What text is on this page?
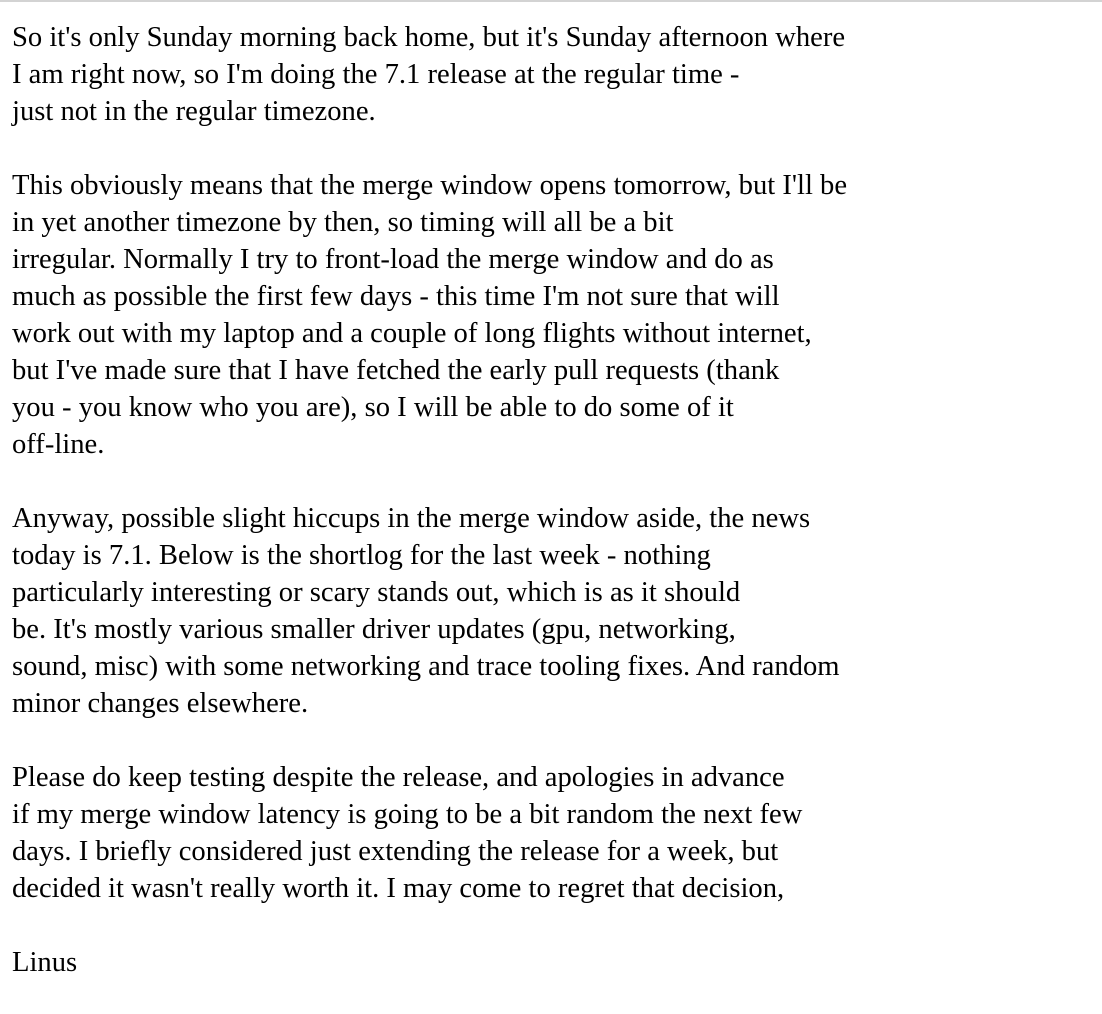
So it's only Sunday morning back home, but it's Sunday afternoon where
I am right now, so I'm doing the 7.1 release at the regular time -
just not in the regular timezone.

This obviously means that the merge window opens tomorrow, but I'll be
in yet another timezone by then, so timing will all be a bit
irregular. Normally I try to front-load the merge window and do as
much as possible the first few days - this time I'm not sure that will
work out with my laptop and a couple of long flights without internet,
but I've made sure that I have fetched the early pull requests (thank
you - you know who you are), so I will be able to do some of it
off-line.

Anyway, possible slight hiccups in the merge window aside, the news
today is 7.1. Below is the shortlog for the last week - nothing
particularly interesting or scary stands out, which is as it should
be. It's mostly various smaller driver updates (gpu, networking,
sound, misc) with some networking and trace tooling fixes. And random
minor changes elsewhere.

Please do keep testing despite the release, and apologies in advance
if my merge window latency is going to be a bit random the next few
days. I briefly considered just extending the release for a week, but
decided it wasn't really worth it. I may come to regret that decision,

Linus
